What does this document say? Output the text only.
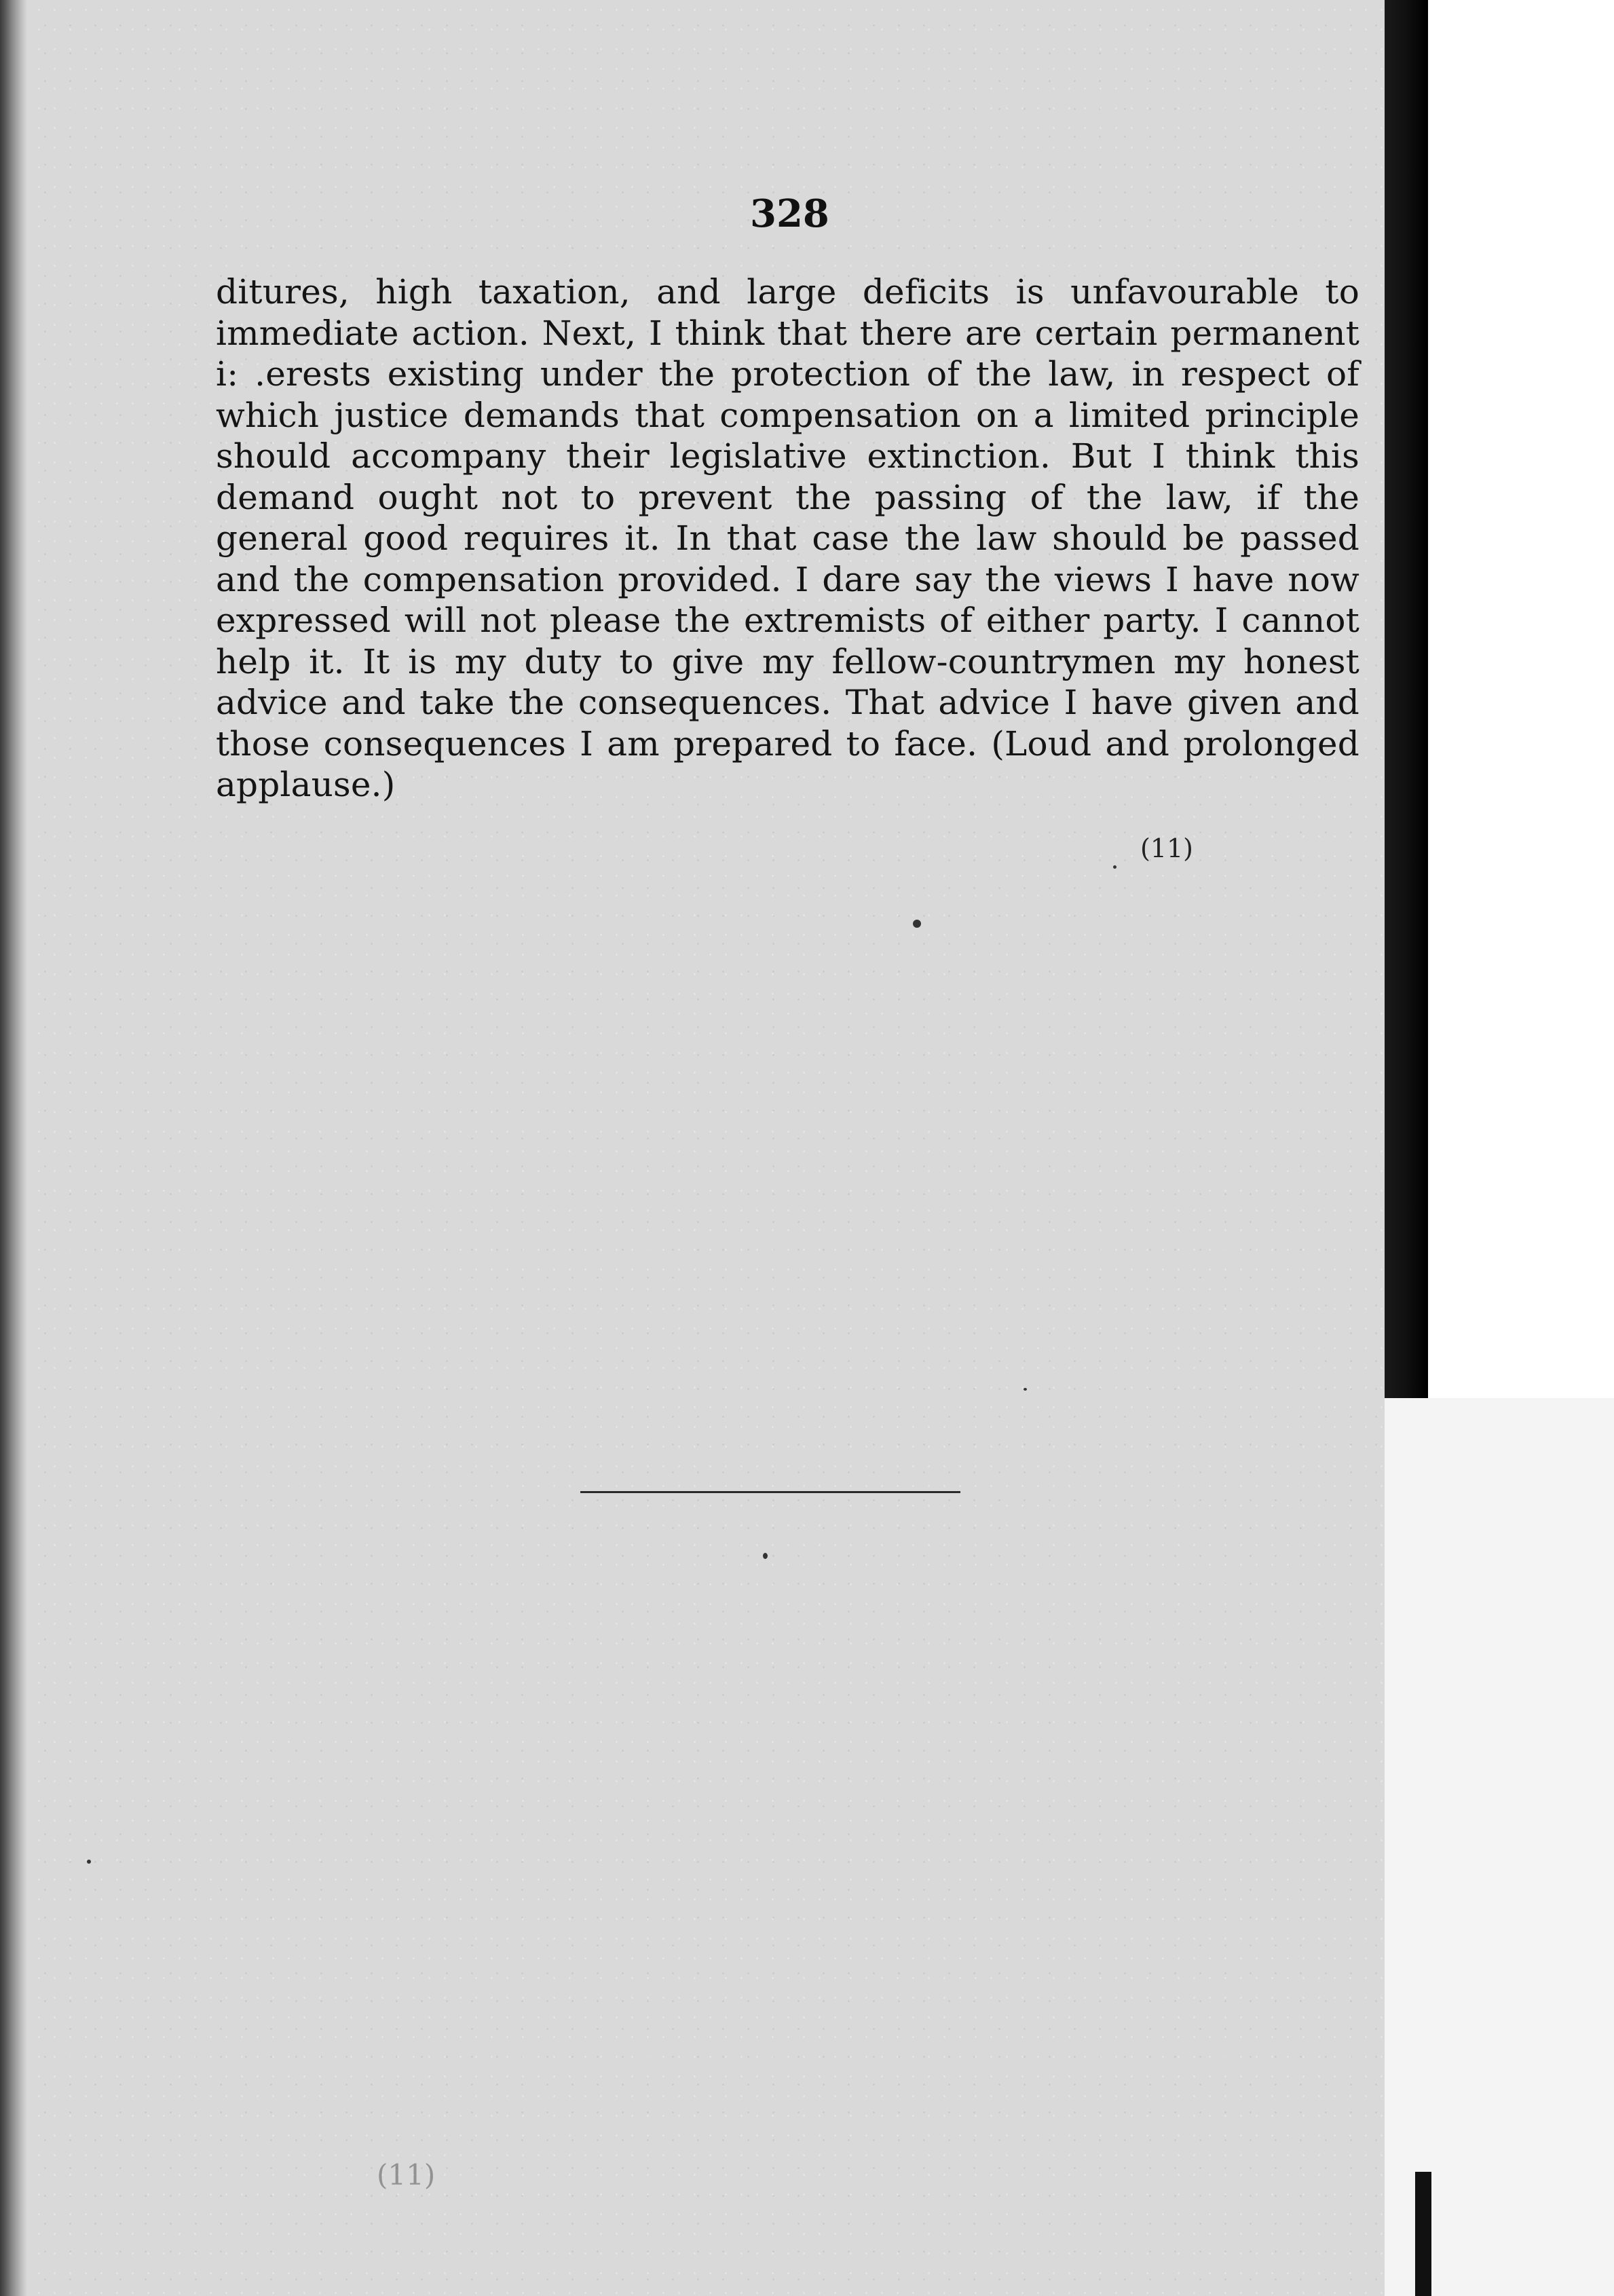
328

ditures, high taxation, and large deficits is unfavourable to immediate action. Next, I think that there are certain permanent i: .erests existing under the protection of the law, in respect of which justice demands that compensation on a limited principle should accompany their legislative extinction. But I think this demand ought not to prevent the passing of the law, if the general good requires it. In that case the law should be passed and the compensation provided. I dare say the views I have now expressed will not please the extremists of either party. I cannot help it. It is my duty to give my fellow-countrymen my honest advice and take the consequences. That advice I have given and those consequences I am prepared to face. (Loud and prolonged applause.)

(11)
(11)
